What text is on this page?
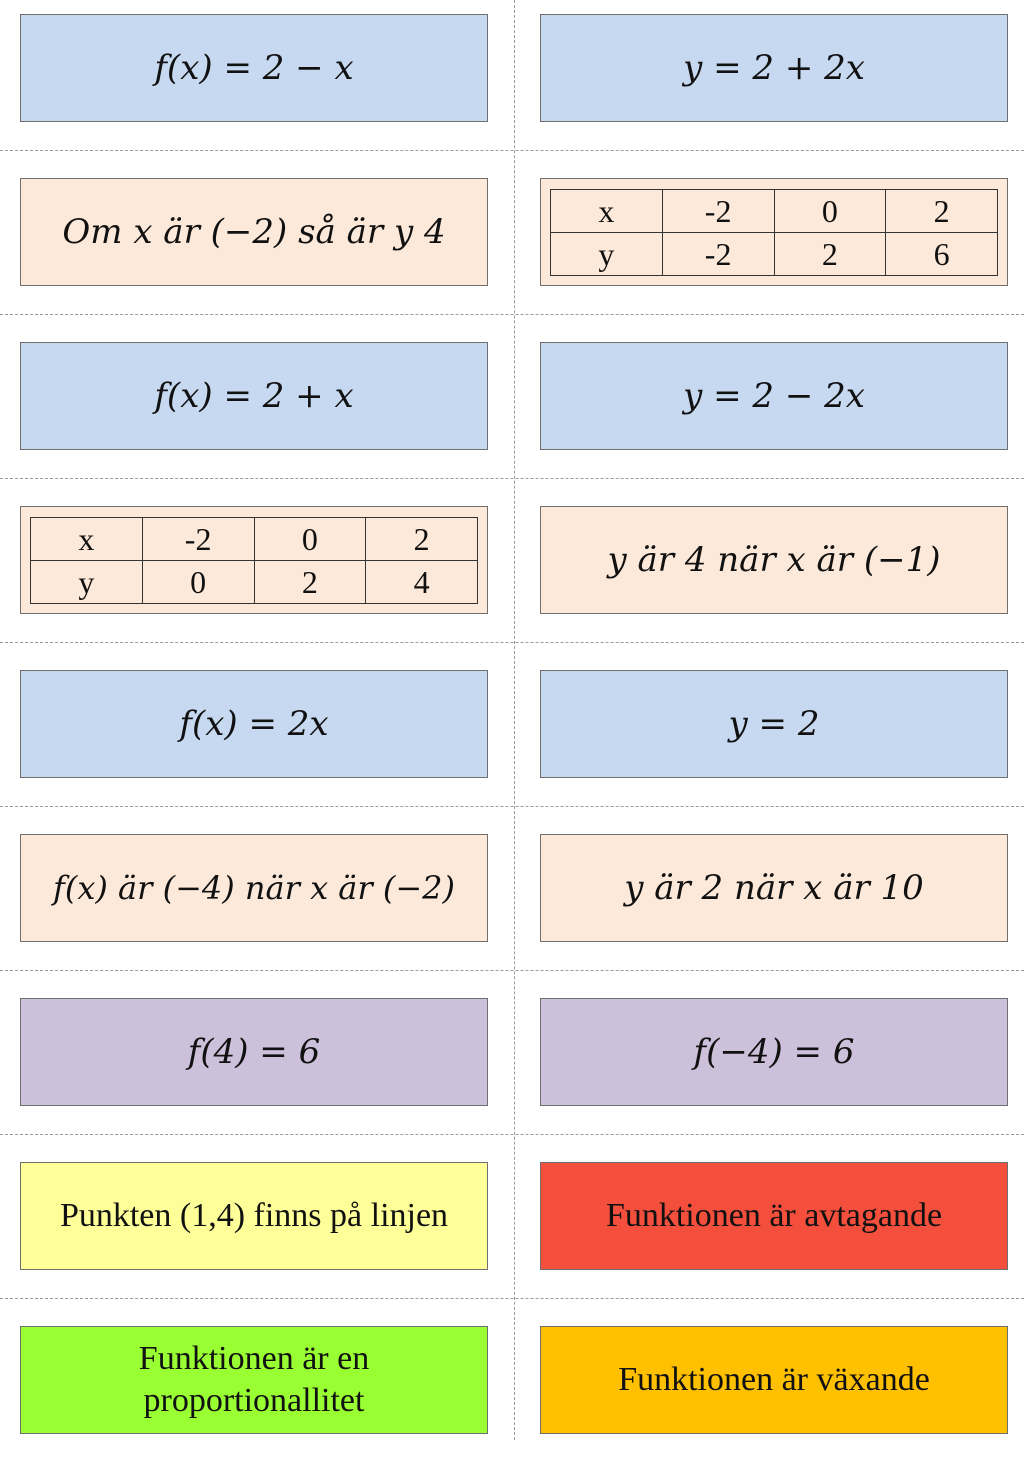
f(x) = 2 − x	y = 2 + 2x
Om x är (−2) så är y 4
x	-2	0	2
y	-2	2	6
f(x) = 2 + x	y = 2 − 2x
x	-2	0	2
y	0	2	4
y är 4 när x är (−1)
f(x) = 2x	y = 2
f(x) är (−4) när x är (−2)	y är 2 när x är 10
f(4) = 6	f(−4) = 6
Punkten (1,4) finns på linjen	Funktionen är avtagande
Funktionen är en
proportionallitet
Funktionen är växande
